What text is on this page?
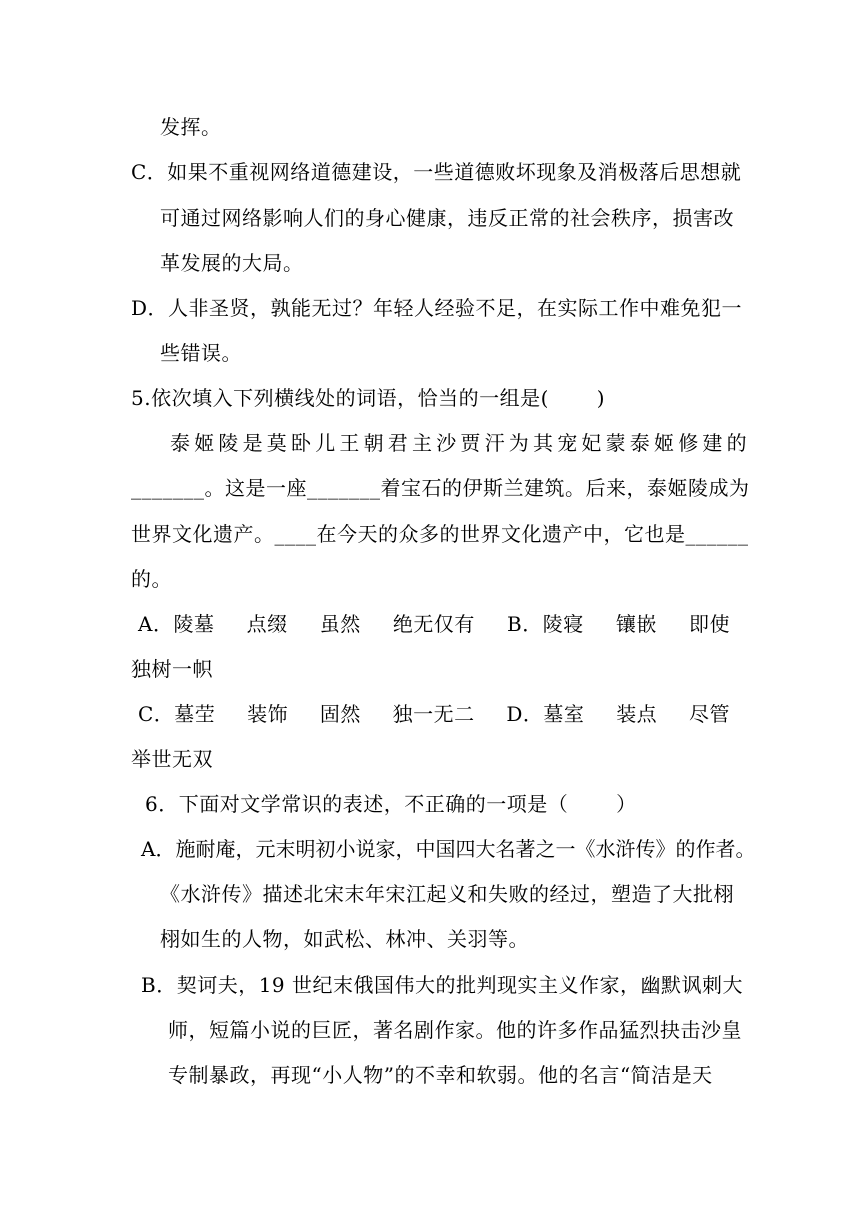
发挥。
C．如果不重视网络道德建设，一些道德败坏现象及消极落后思想就
可通过网络影响人们的身心健康，违反正常的社会秩序，损害改
革发展的大局。
D．人非圣贤，孰能无过？年轻人经验不足，在实际工作中难免犯一
些错误。
5.依次填入下列横线处的词语，恰当的一组是(　　 )
泰姬陵是莫卧儿王朝君主沙贾汗为其宠妃蒙泰姬修建的
_______。这是一座_______着宝石的伊斯兰建筑。后来，泰姬陵成为
世界文化遗产。____在今天的众多的世界文化遗产中，它也是______
的。
A．陵墓 点缀 虽然 绝无仅有 B．陵寝 镶嵌 即使
独树一帜
C．墓茔 装饰 固然 独一无二 D．墓室 装点 尽管
举世无双
6．下面对文学常识的表述，不正确的一项是（　　 ）
A．施耐庵，元末明初小说家，中国四大名著之一《水浒传》的作者。
《水浒传》描述北宋末年宋江起义和失败的经过，塑造了大批栩
栩如生的人物，如武松、林冲、关羽等。
B．契诃夫，19 世纪末俄国伟大的批判现实主义作家，幽默讽刺大
师，短篇小说的巨匠，著名剧作家。他的许多作品猛烈抉击沙皇
专制暴政，再现“小人物”的不幸和软弱。他的名言“简洁是天
